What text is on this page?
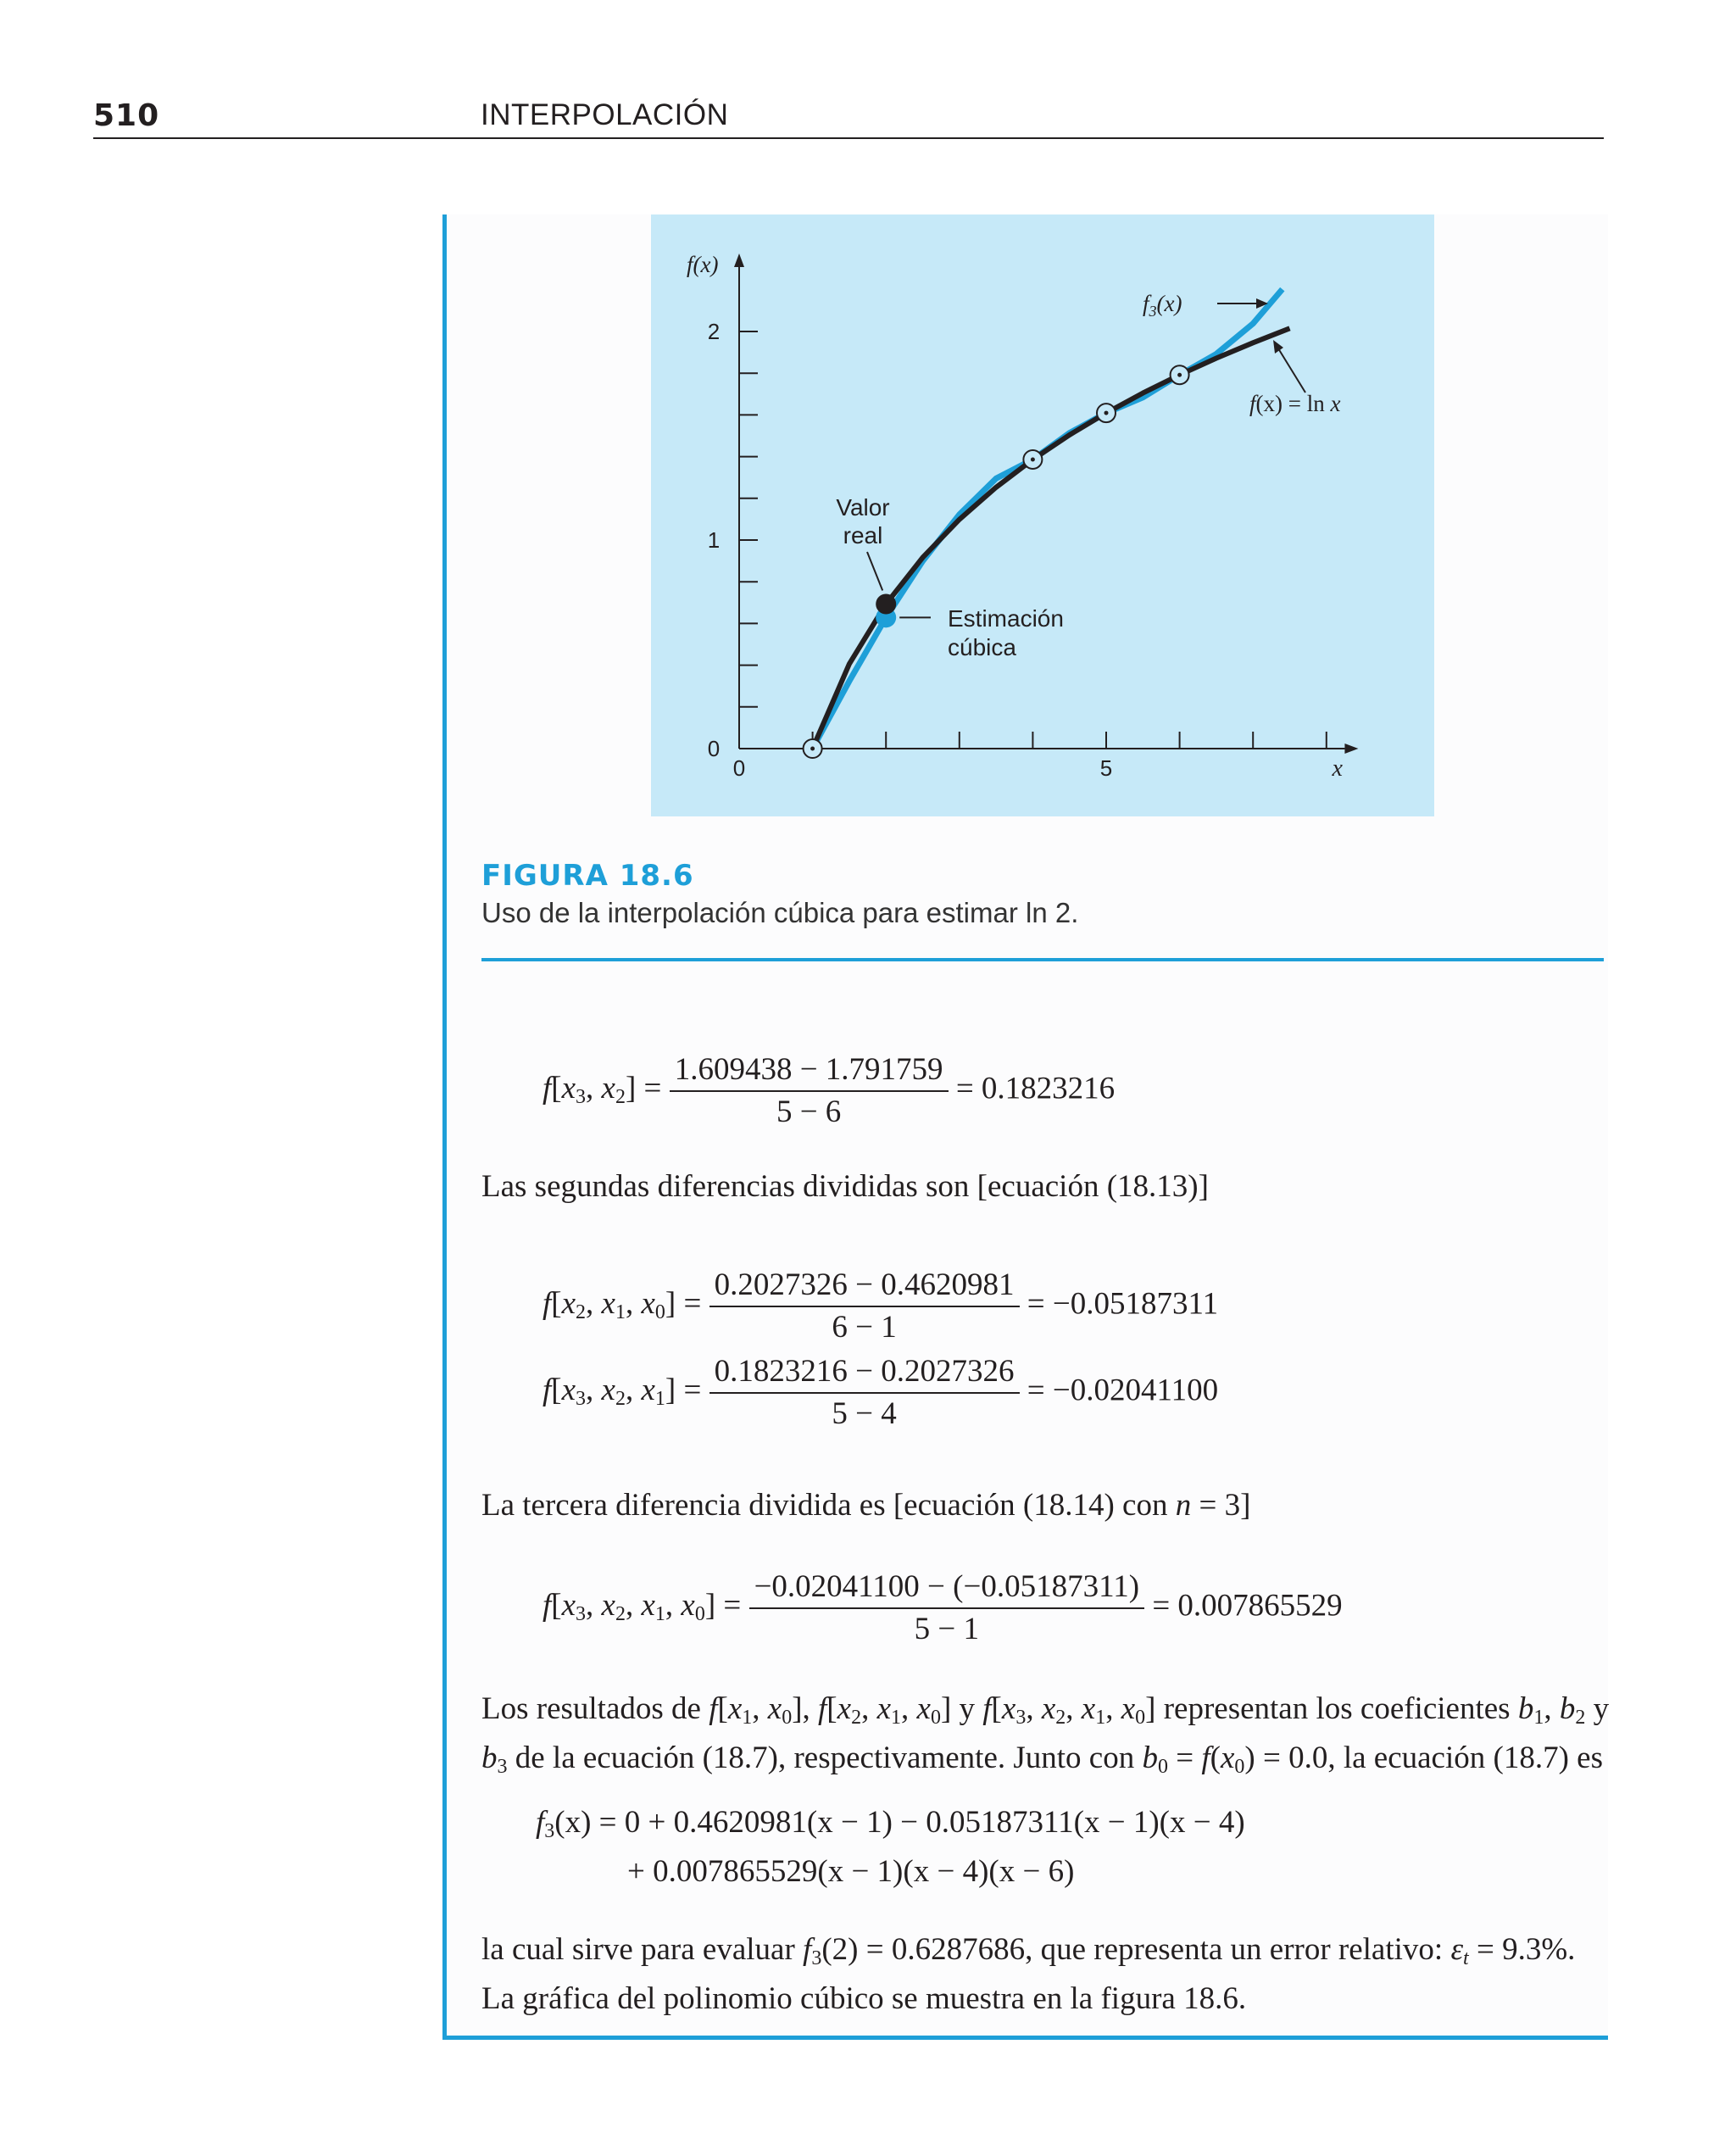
510	INTERPOLACIÓN
0
1
2
0	5
f(x)
x
Valor
real
Estimación
cúbica
$f_3(x)$
f(x) = ln x
FIGURA 18.6
Uso de la interpolación cúbica para estimar ln 2.
$f[x_3$, $x_2] = \frac{1.609438 - 1.791759}{5 - 6} = 0.1823216$
Las segundas diferencias divididas son [ecuación (18.13)]
$f[x_2$, $x_1$, $x_0] = \frac{0.2027326 - 0.4620981}{6 - 1} = -0.05187311$
$f[x_3$, $x_2$, $x_1] = \frac{0.1823216 - 0.2027326}{5 - 4} = -0.02041100$
La tercera diferencia dividida es [ecuación (18.14) con n = 3]
$f[x_3$, $x_2$, $x_1$, $x_0] = \frac{-0.02041100 - (-0.05187311)}{5 - 1} = 0.007865529$
Los resultados de $f[x_1$, $x_0$], $f[x_2$, $x_1$, $x_0$] y $f[x_3$, $x_2$, $x_1$, $x_0$] representan los coeficientes $b_1$, $b_2$ y
$b_3$ de la ecuación (18.7), respectivamente. Junto con $b_0 = f(x_0) = 0.0$, la ecuación (18.7) es
$f_3(x) = 0 + 0.4620981(x - 1) - 0.05187311(x - 1)(x - 4)$
+ 0.007865529(x − 1)(x − 4)(x − 6)
la cual sirve para evaluar $f_3(2) = 0.6287686$, que representa un error relativo: $\varepsilon_t = 9.3\%$.
La gráfica del polinomio cúbico se muestra en la figura 18.6.
